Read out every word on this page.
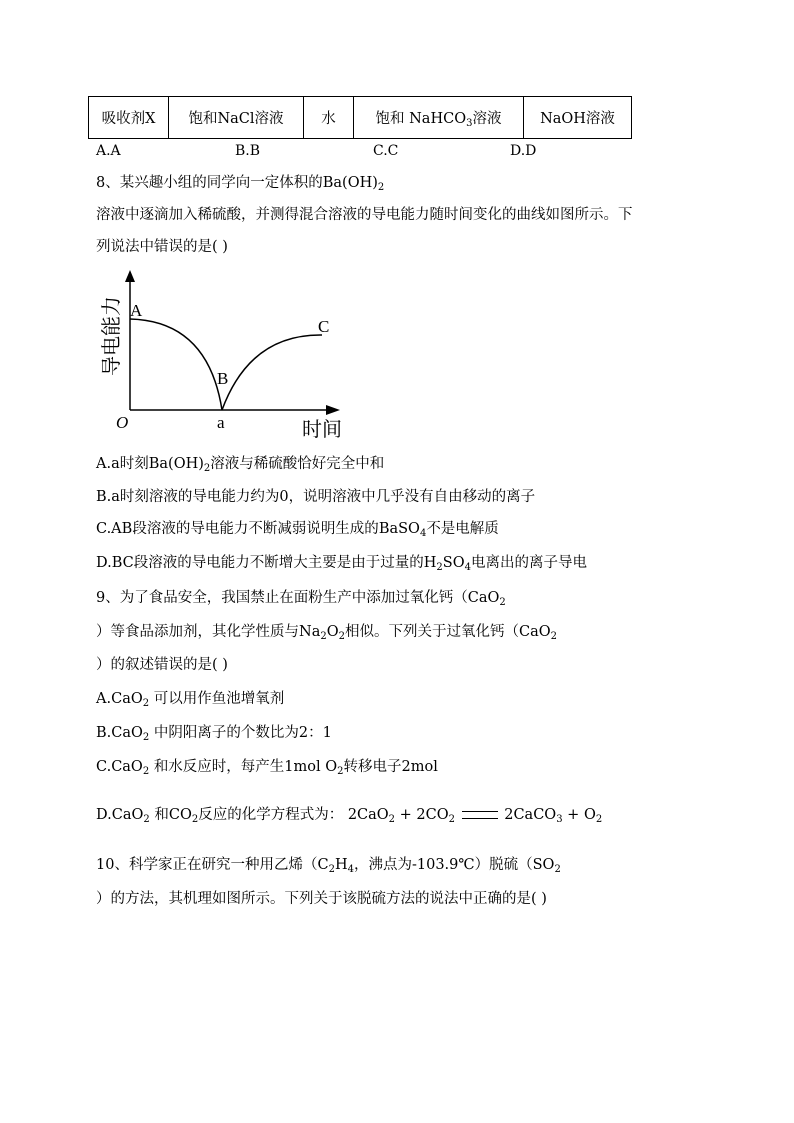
吸收剂X	饱和NaCl溶液	水	饱和 NaHCO$_3$溶液	NaOH溶液
A.A	B.B	C.C	D.D
8、某兴趣小组的同学向一定体积的$Ba(OH)_2$
溶液中逐滴加入稀硫酸，并测得混合溶液的导电能力随时间变化的曲线如图所示。下
列说法中错误的是( )
A
B
C
O	a	时间
导电能力
A.a时刻$Ba(OH)_2$溶液与稀硫酸恰好完全中和
B.a时刻溶液的导电能力约为0，说明溶液中几乎没有自由移动的离子
C.AB段溶液的导电能力不断减弱说明生成的BaSO$_4$不是电解质
D.BC段溶液的导电能力不断增大主要是由于过量的$H_2SO_4$电离出的离子导电
9、为了食品安全，我国禁止在面粉生产中添加过氧化钙（CaO$_2$
）等食品添加剂，其化学性质与$Na_2O_2$相似。下列关于过氧化钙（CaO$_2$
）的叙述错误的是( )
A.CaO$_2$ 可以用作鱼池增氧剂
B.CaO$_2$ 中阴阳离子的个数比为2：1
C.CaO$_2$ 和水反应时，每产生1mol $O_2$转移电子2mol
D.CaO$_2$ 和$CO_2$反应的化学方程式为： $2CaO_2 + 2CO_2$	2CaCO$_3$ + $O_2$
10、科学家正在研究一种用乙烯（$C_2H_4$，沸点为-103.9℃）脱硫（$SO_2$
）的方法，其机理如图所示。下列关于该脱硫方法的说法中正确的是( )
